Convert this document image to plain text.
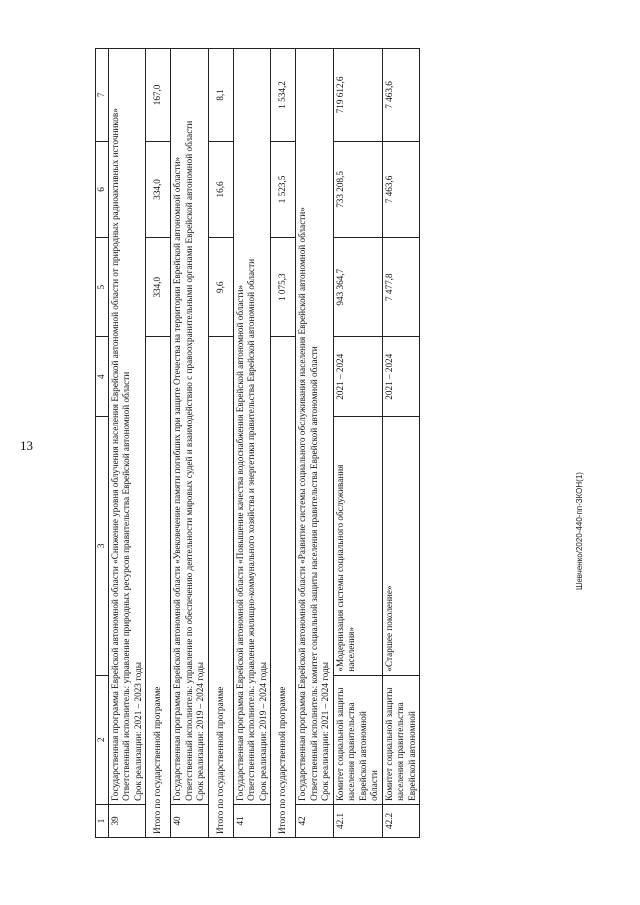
13
Шевченко/2020-440-пп-ЗКОН(1)
1	2	3	4	5	6	7
39	Государственная программа Еврейской автономной области «Снижение уровня облучения населения Еврейской автономной области от природных радиоактивных источников» Ответственный исполнитель: управление природных ресурсов правительства Еврейской автономной области Срок реализации: 2021 – 2023 годы					

Итого по государственной программе				334,0	334,0	167,0
40	Государственная программа Еврейской автономной области «Увековечение памяти погибших при защите Отечества на территории Еврейской автономной области» Ответственный исполнитель: управление по обеспечению деятельности мировых судей и взаимодействию с правоохранительными органами Еврейской автономной области Срок реализации: 2019 – 2024 годы					

Итого по государственной программе				9,6	16,6	8,1
41	Государственная программа Еврейской автономной области «Повышение качества водоснабжения Еврейской автономной области» Ответственный исполнитель: управление жилищно-коммунального хозяйства и энергетики правительства Еврейской автономной области Срок реализации: 2019 – 2024 годы					

Итого по государственной программе				1 075,3	1 523,5	1 534,2
42	Государственная программа Еврейской автономной области «Развитие системы социального обслуживания населения Еврейской автономной области» Ответственный исполнитель: комитет социальной защиты населения правительства Еврейской автономной области Срок реализации: 2021 – 2024 годы					

42.1	Комитет социальной защиты населения правительства Еврейской автономной области	«Модернизация системы социального обслуживания населения»	2021 – 2024	943 364,7	733 208,5	719 612,6
42.2	Комитет социальной защиты населения правительства Еврейской автономной	«Старшее поколение»	2021 – 2024	7 477,8	7 463,6	7 463,6
